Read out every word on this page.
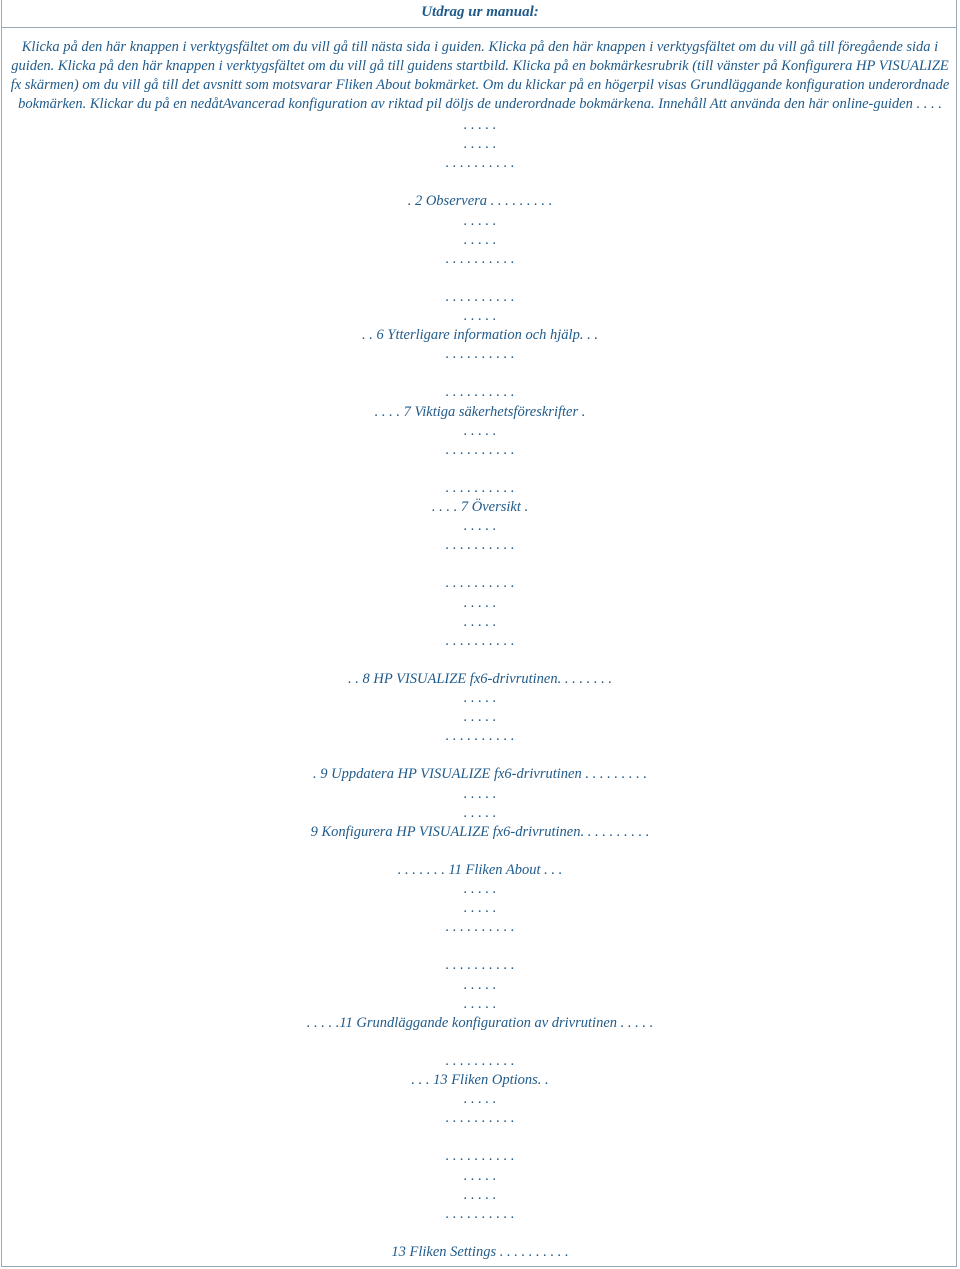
Utdrag ur manual:

Klicka på den här knappen i verktygsfältet om du vill gå till nästa sida i guiden. Klicka på den här knappen i verktygsfältet om du vill gå till föregående sida i guiden. Klicka på den här knappen i verktygsfältet om du vill gå till guidens startbild. Klicka på en bokmärkesrubrik (till vänster på Konfigurera HP VISUALIZE fx skärmen) om du vill gå till det avsnitt som motsvarar Fliken About bokmärket. Om du klickar på en högerpil visas Grundläggande konfiguration underordnade bokmärken. Klickar du på en nedåtAvancerad konfiguration av riktad pil döljs de underordnade bokmärkena. Innehåll Att använda den här online-guiden . . . .

. . . . .
. . . . .
. . . . . . . . . .
. 2 Observera . . . . . . . . .
. . . . .
. . . . .
. . . . . . . . . .
. . . . . . . . . .
. . . . .
. . 6 Ytterligare information och hjälp. . .
. . . . . . . . . .
. . . . . . . . . .
. . . . 7 Viktiga säkerhetsföreskrifter .
. . . . .
. . . . . . . . . .
. . . . . . . . . .
. . . . 7 Översikt .
. . . . .
. . . . . . . . . .
. . . . . . . . . .
. . . . .
. . . . .
. . . . . . . . . .
. . 8 HP VISUALIZE fx6-drivrutinen. . . . . . . .
. . . . .
. . . . .
. . . . . . . . . .
. 9 Uppdatera HP VISUALIZE fx6-drivrutinen . . . . . . . . .
. . . . .
. . . . .
9 Konfigurera HP VISUALIZE fx6-drivrutinen. . . . . . . . . .
. . . . . . . 11 Fliken About . . .
. . . . .
. . . . .
. . . . . . . . . .
. . . . . . . . . .
. . . . .
. . . . .
. . . . .11 Grundläggande konfiguration av drivrutinen . . . . .
. . . . . . . . . .
. . . 13 Fliken Options. .
. . . . .
. . . . . . . . . .
. . . . . . . . . .
. . . . .
. . . . .
. . . . . . . . . .
13 Fliken Settings . . . . . . . . . .
